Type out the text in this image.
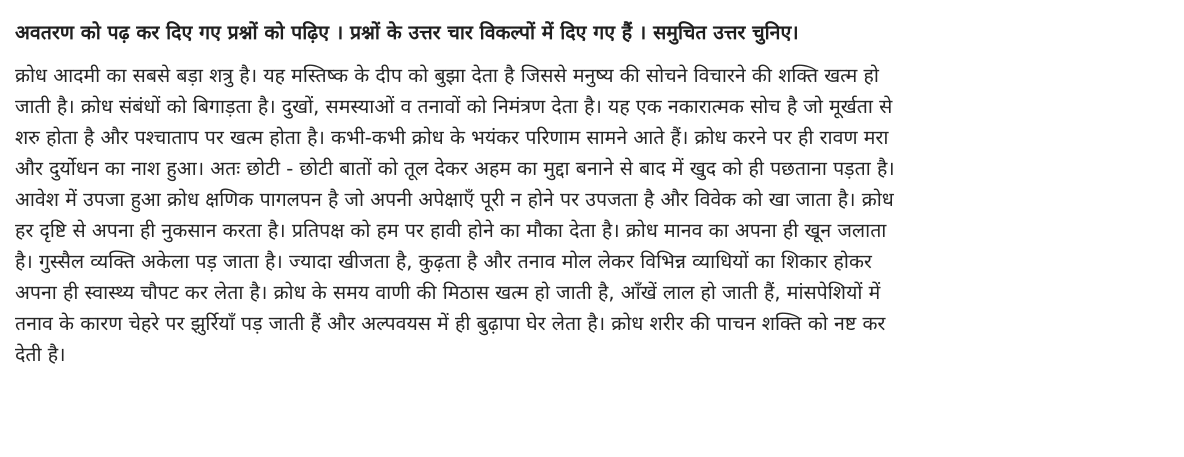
अवतरण को पढ़ कर दिए गए प्रश्नों को पढ़िए । प्रश्नों के उत्तर चार विकल्पों में दिए गए हैं । समुचित उत्तर चुनिए।
क्रोध आदमी का सबसे बड़ा शत्रु है। यह मस्तिष्क के दीप को बुझा देता है जिससे मनुष्य की सोचने विचारने की शक्ति खत्म हो
जाती है। क्रोध संबंधों को बिगाड़ता है। दुखों, समस्याओं व तनावों को निमंत्रण देता है। यह एक नकारात्मक सोच है जो मूर्खता से
शरु होता है और पश्चाताप पर खत्म होता है। कभी-कभी क्रोध के भयंकर परिणाम सामने आते हैं। क्रोध करने पर ही रावण मरा
और दुर्योधन का नाश हुआ। अतः छोटी - छोटी बातों को तूल देकर अहम का मुद्दा बनाने से बाद में खुद को ही पछताना पड़ता है।
आवेश में उपजा हुआ क्रोध क्षणिक पागलपन है जो अपनी अपेक्षाएँ पूरी न होने पर उपजता है और विवेक को खा जाता है। क्रोध
हर दृष्टि से अपना ही नुकसान करता है। प्रतिपक्ष को हम पर हावी होने का मौका देता है। क्रोध मानव का अपना ही खून जलाता
है। गुस्सैल व्यक्ति अकेला पड़ जाता है। ज्यादा खीजता है, कुढ़ता है और तनाव मोल लेकर विभिन्न व्याधियों का शिकार होकर
अपना ही स्वास्थ्य चौपट कर लेता है। क्रोध के समय वाणी की मिठास खत्म हो जाती है, आँखें लाल हो जाती हैं, मांसपेशियों में
तनाव के कारण चेहरे पर झुर्रियाँ पड़ जाती हैं और अल्पवयस में ही बुढ़ापा घेर लेता है। क्रोध शरीर की पाचन शक्ति को नष्ट कर
देती है।
